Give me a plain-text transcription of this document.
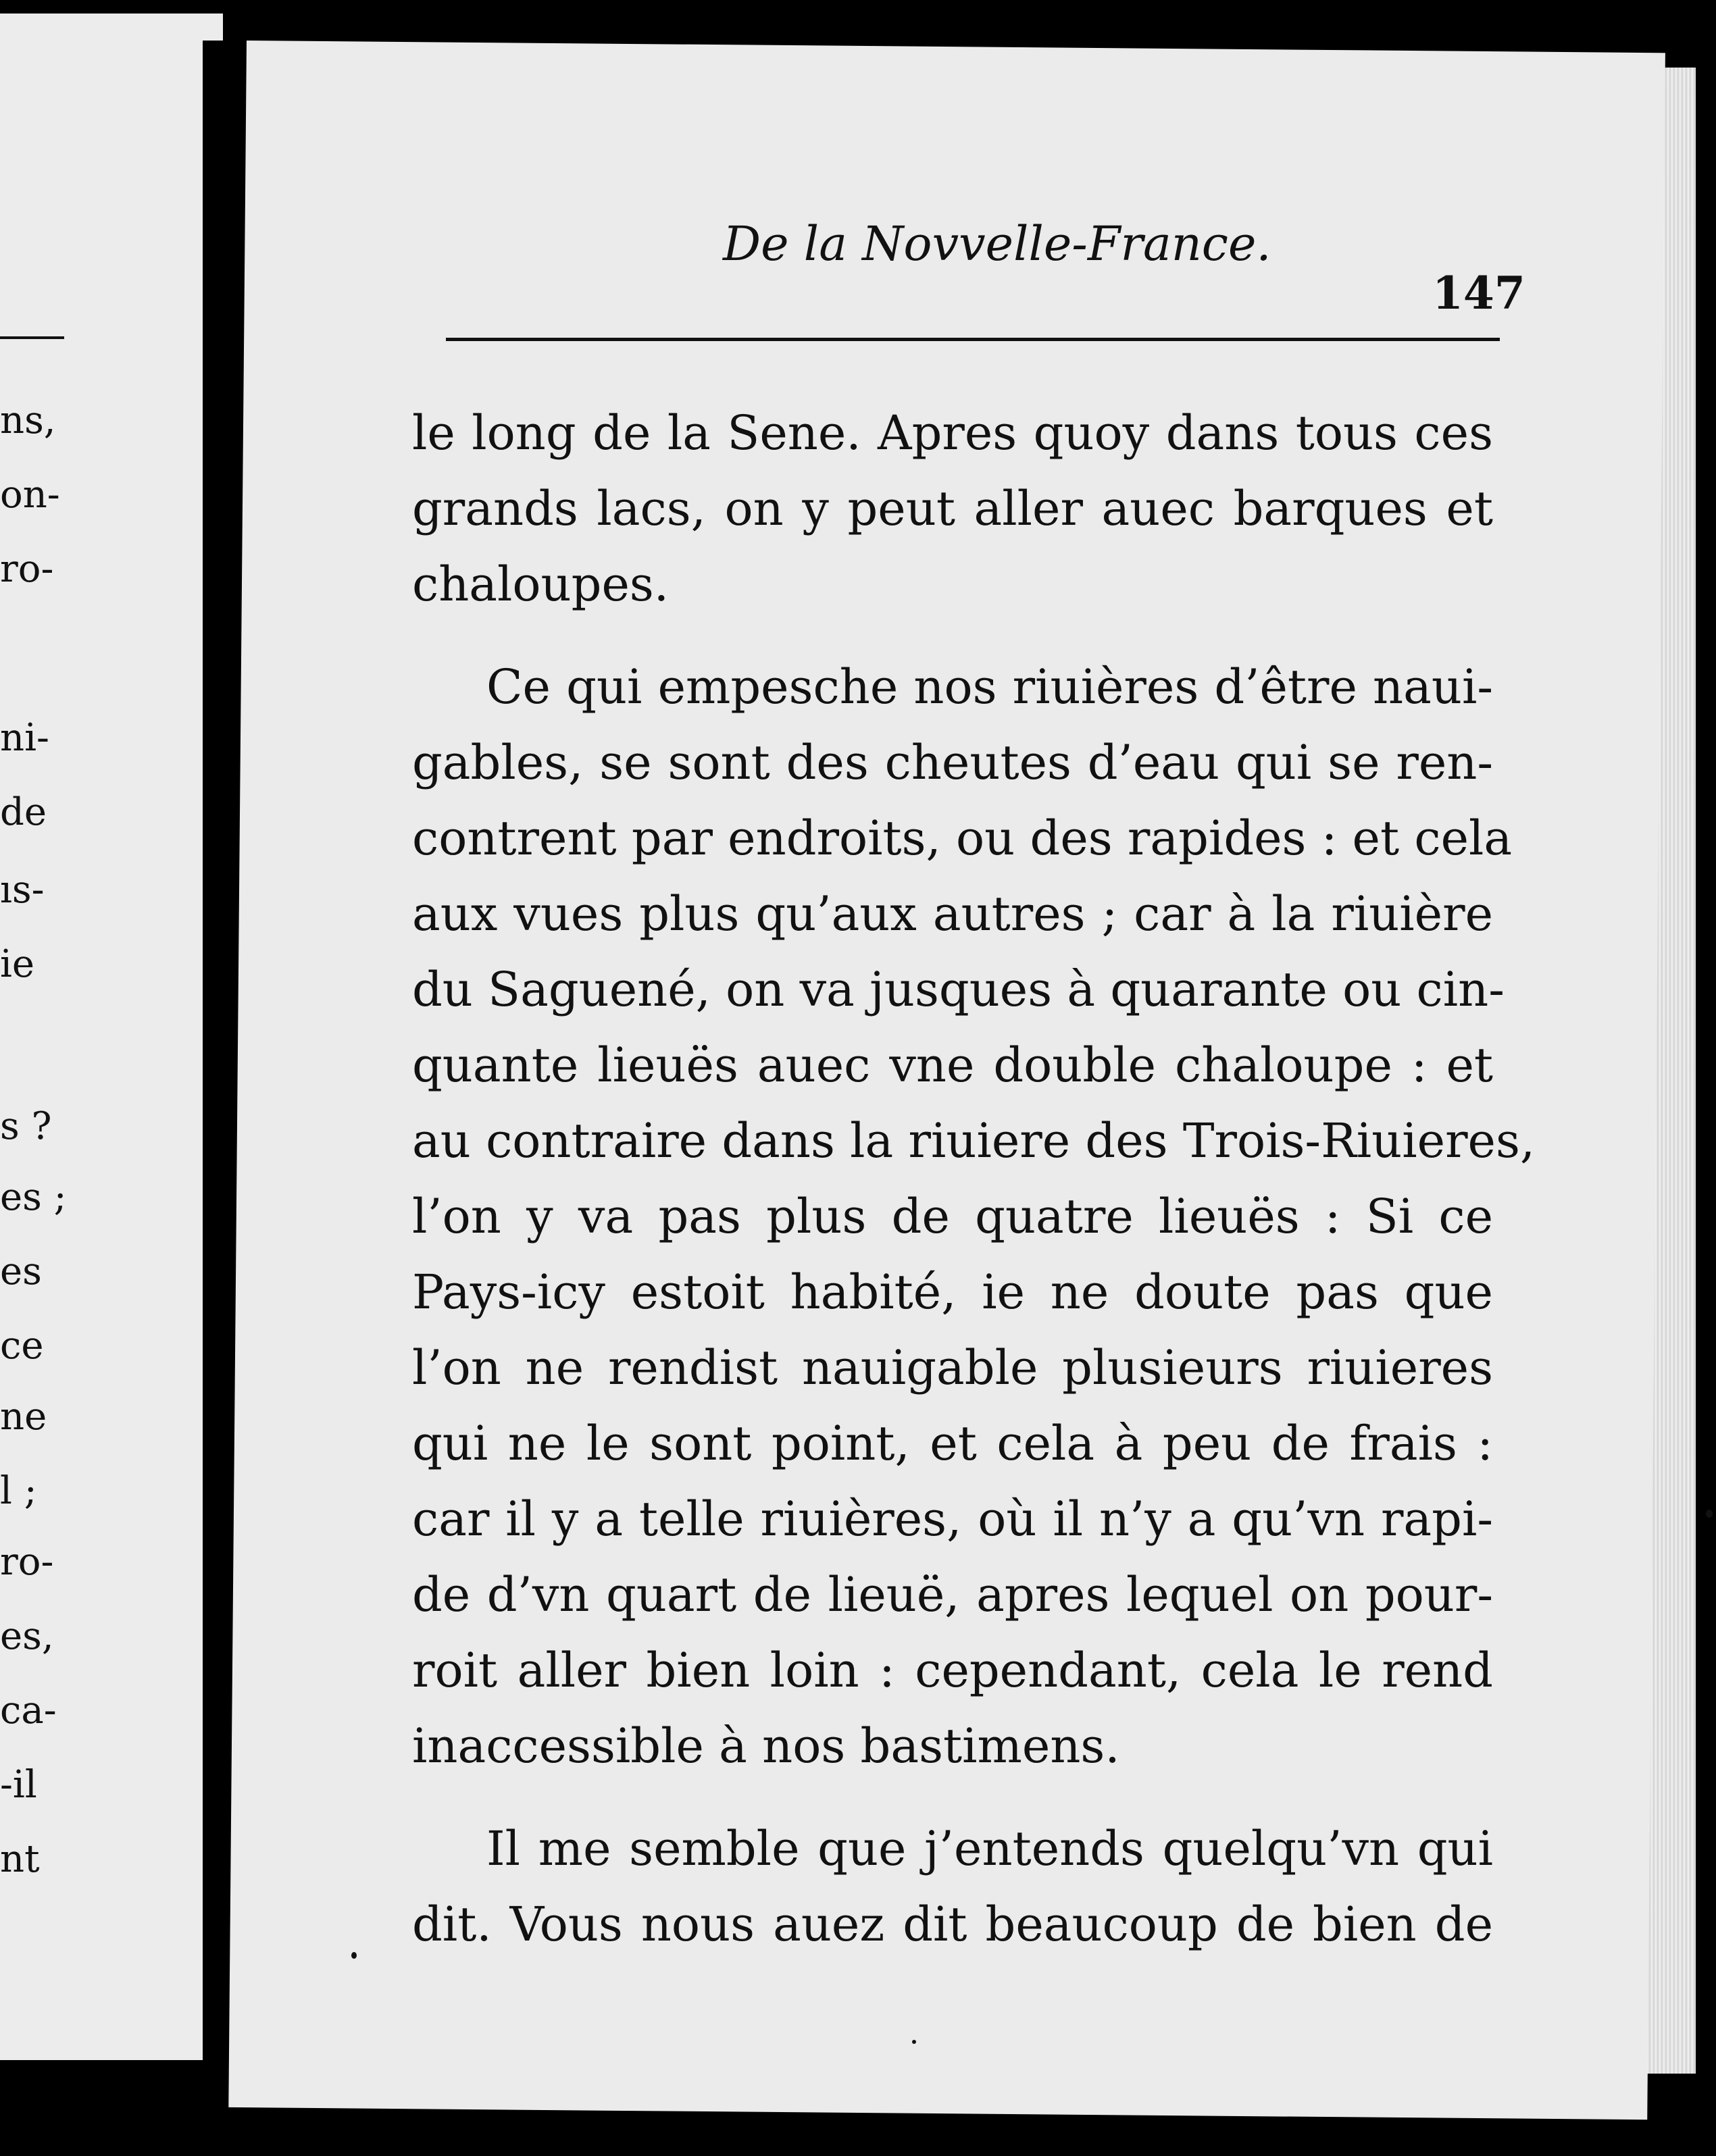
ns,
on-
ro-
ni-
de
ıs-
ie
s ?
es ;
es
ce
ne
l ;
ro-
es,
ca-
-il
nt
De la Novvelle-France.
147
le long de la Sene. Apres quoy dans tous ces
grands lacs, on y peut aller auec barques et
chaloupes.
Ce qui empesche nos riuières d’être naui-
gables, se sont des cheutes d’eau qui se ren-
contrent par endroits, ou des rapides : et cela
aux vues plus qu’aux autres ; car à la riuière
du Saguené, on va jusques à quarante ou cin-
quante lieuës auec vne double chaloupe : et
au contraire dans la riuiere des Trois-Riuieres,
l’on y va pas plus de quatre lieuës : Si ce
Pays-icy estoit habité, ie ne doute pas que
l’on ne rendist nauigable plusieurs riuieres
qui ne le sont point, et cela à peu de frais :
car il y a telle riuières, où il n’y a qu’vn rapi-
de d’vn quart de lieuë, apres lequel on pour-
roit aller bien loin : cependant, cela le rend
inaccessible à nos bastimens.
Il me semble que j’entends quelqu’vn qui
dit. Vous nous auez dit beaucoup de bien de
